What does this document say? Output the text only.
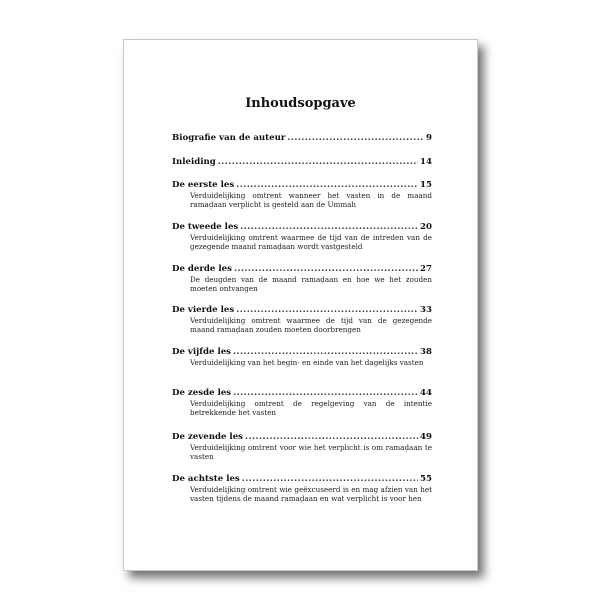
Inhoudsopgave
Biografie van de auteur .....	9
Inleiding .....	14
De eerste les .....	15
Verduidelijking omtrent wanneer het vasten in de maand ramaḍaan verplicht is gesteld aan de Ummah
De tweede les .....	20
Verduidelijking omtrent waarmee de tijd van de intreden van de gezegende maand ramaḍaan wordt vastgesteld
De derde les .....	27
De deugden van de maand ramaḍaan en hoe we het zouden moeten ontvangen
De vierde les .....	33
Verduidelijking omtrent waarmee de tijd van de gezegende maand ramaḍaan zouden moeten doorbrengen
De vijfde les .....	38
Verduidelijking van het begin- en einde van het dagelijks vasten
De zesde les .....	44
Verduidelijking omtrent de regelgeving van de intentie betrekkende het vasten
De zevende les .....	49
Verduidelijking omtrent voor wie het verplicht is om ramaḍaan te vasten
De achtste les .....	55
Verduidelijking omtrent wie geëxcuseerd is en mag afzien van het vasten tijdens de maand ramaḍaan en wat verplicht is voor hen
